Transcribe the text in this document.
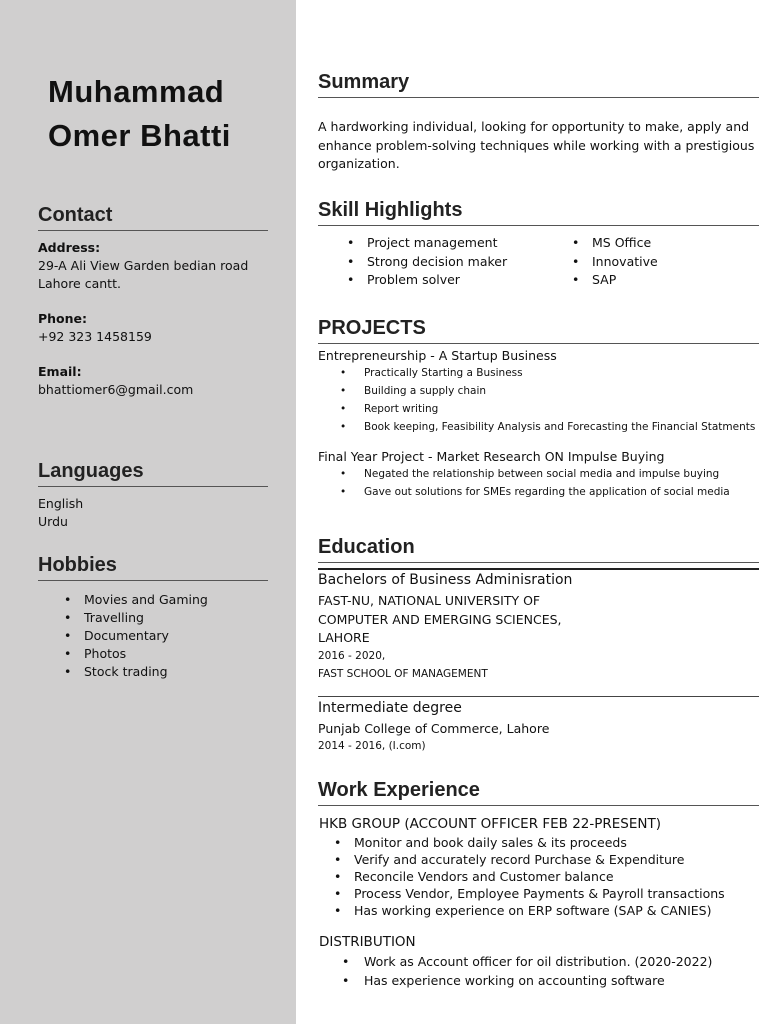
Muhammad
Omer Bhatti
Contact
Address:
29-A Ali View Garden bedian road
Lahore cantt.
Phone:
+92 323 1458159
Email:
bhattiomer6@gmail.com
Languages
English
Urdu
Hobbies
• Movies and Gaming
• Travelling
• Documentary
• Photos
• Stock trading
Summary
A hardworking individual, looking for opportunity to make, apply and
enhance problem-solving techniques while working with a prestigious
organization.
Skill Highlights
• Project management
• Strong decision maker
• Problem solver
• MS Office
• Innovative
• SAP
PROJECTS
Entrepreneurship - A Startup Business
• Practically Starting a Business
• Building a supply chain
• Report writing
• Book keeping, Feasibility Analysis and Forecasting the Financial Statments
Final Year Project - Market Research ON Impulse Buying
• Negated the relationship between social media and impulse buying
• Gave out solutions for SMEs regarding the application of social media
Education
Bachelors of Business Adminisration
FAST-NU, NATIONAL UNIVERSITY OF
COMPUTER AND EMERGING SCIENCES,
LAHORE
2016 - 2020,
FAST SCHOOL OF MANAGEMENT
Intermediate degree
Punjab College of Commerce, Lahore
2014 - 2016, (I.com)
Work Experience
HKB GROUP (ACCOUNT OFFICER FEB 22-PRESENT)
• Monitor and book daily sales & its proceeds
• Verify and accurately record Purchase & Expenditure
• Reconcile Vendors and Customer balance
• Process Vendor, Employee Payments & Payroll transactions
• Has working experience on ERP software (SAP & CANIES)
DISTRIBUTION
• Work as Account officer for oil distribution. (2020-2022)
• Has experience working on accounting software
